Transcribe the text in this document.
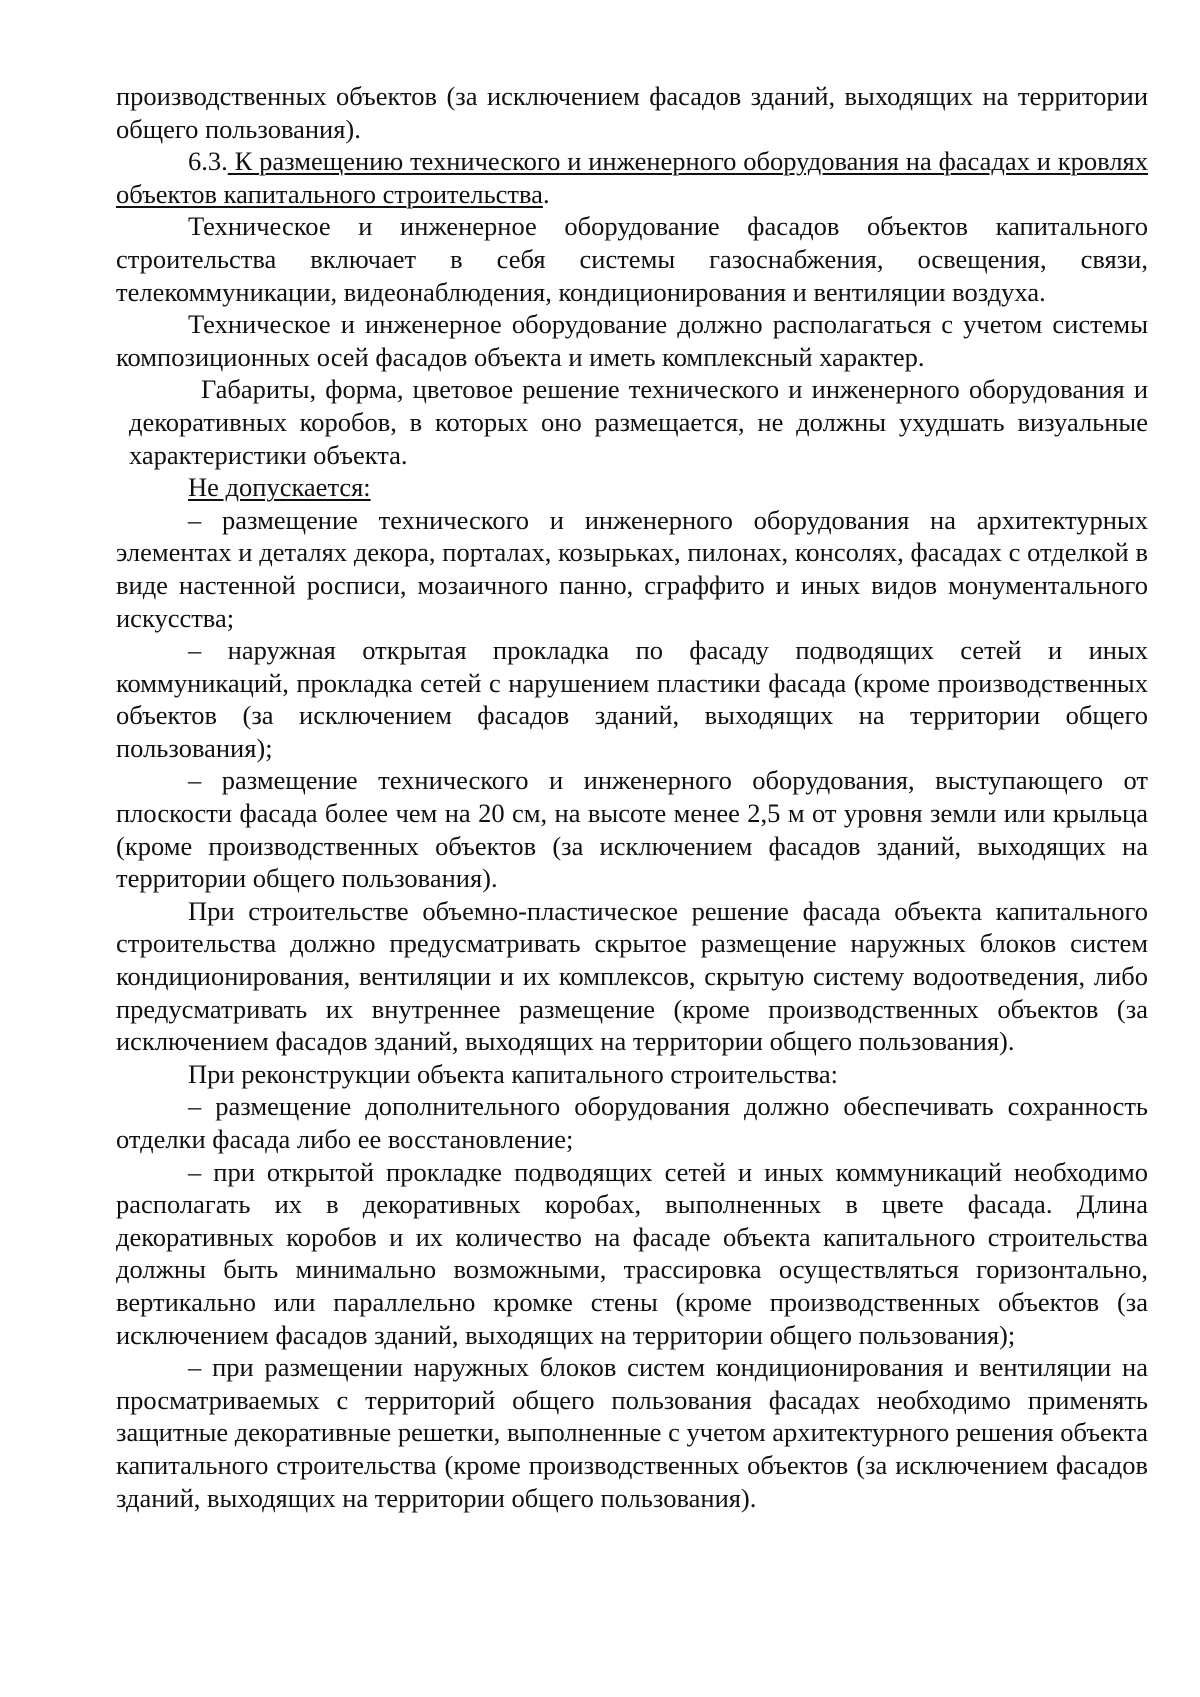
производственных объектов (за исключением фасадов зданий, выходящих на территории общего пользования).

6.3. К размещению технического и инженерного оборудования на фасадах и кровлях объектов капитального строительства.

Техническое и инженерное оборудование фасадов объектов капитального строительства включает в себя системы газоснабжения, освещения, связи, телекоммуникации, видеонаблюдения, кондиционирования и вентиляции воздуха.

Техническое и инженерное оборудование должно располагаться с учетом системы композиционных осей фасадов объекта и иметь комплексный характер.

Габариты, форма, цветовое решение технического и инженерного оборудования и декоративных коробов, в которых оно размещается, не должны ухудшать визуальные характеристики объекта.

Не допускается:

– размещение технического и инженерного оборудования на архитектурных элементах и деталях декора, порталах, козырьках, пилонах, консолях, фасадах с отделкой в виде настенной росписи, мозаичного панно, сграффито и иных видов монументального искусства;

– наружная открытая прокладка по фасаду подводящих сетей и иных коммуникаций, прокладка сетей с нарушением пластики фасада (кроме производственных объектов (за исключением фасадов зданий, выходящих на территории общего пользования);

– размещение технического и инженерного оборудования, выступающего от плоскости фасада более чем на 20 см, на высоте менее 2,5 м от уровня земли или крыльца (кроме производственных объектов (за исключением фасадов зданий, выходящих на территории общего пользования).

При строительстве объемно-пластическое решение фасада объекта капитального строительства должно предусматривать скрытое размещение наружных блоков систем кондиционирования, вентиляции и их комплексов, скрытую систему водоотведения, либо предусматривать их внутреннее размещение (кроме производственных объектов (за исключением фасадов зданий, выходящих на территории общего пользования).

При реконструкции объекта капитального строительства:

– размещение дополнительного оборудования должно обеспечивать сохранность отделки фасада либо ее восстановление;

– при открытой прокладке подводящих сетей и иных коммуникаций необходимо располагать их в декоративных коробах, выполненных в цвете фасада. Длина декоративных коробов и их количество на фасаде объекта капитального строительства должны быть минимально возможными, трассировка осуществляться горизонтально, вертикально или параллельно кромке стены (кроме производственных объектов (за исключением фасадов зданий, выходящих на территории общего пользования);

– при размещении наружных блоков систем кондиционирования и вентиляции на просматриваемых с территорий общего пользования фасадах необходимо применять защитные декоративные решетки, выполненные с учетом архитектурного решения объекта капитального строительства (кроме производственных объектов (за исключением фасадов зданий, выходящих на территории общего пользования).
